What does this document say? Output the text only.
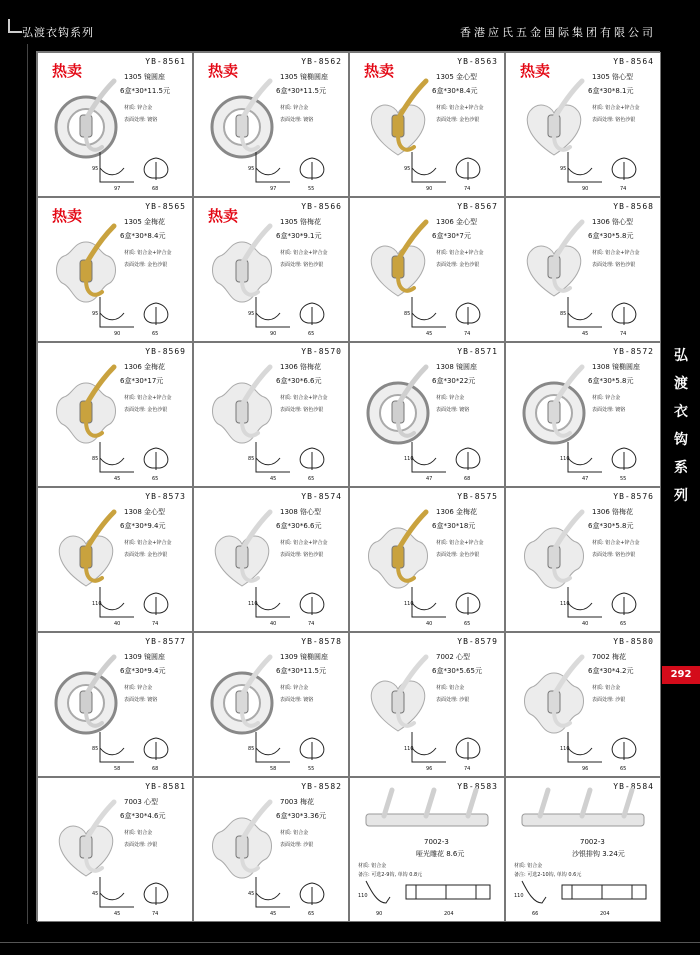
弘渡衣钩系列	香港应氏五金国际集团有限公司
YB-8561
热卖	1305 镜圆座
6盒*30*11.5元
材质: 锌合金
表面处理: 镀铬
95
97	68
YB-8562
热卖	1305 镜椭圆座
6盒*30*11.5元
材质: 锌合金
表面处理: 镀铬
95
97	55
YB-8563
热卖	1305 金心型
6盒*30*8.4元
材质: 铝合金+锌合金
表面处理: 金色沙银
95
90	74
YB-8564
热卖	1305 铬心型
6盒*30*8.1元
材质: 铝合金+锌合金
表面处理: 铬色沙银
95
90	74
YB-8565
热卖	1305 金梅花
6盒*30*8.4元
材质: 铝合金+锌合金
表面处理: 金色沙银
95
90	65
YB-8566
热卖	1305 铬梅花
6盒*30*9.1元
材质: 铝合金+锌合金
表面处理: 铬色沙银
95
90	65
YB-8567
1306 金心型
6盒*30*7元
材质: 铝合金+锌合金
表面处理: 金色沙银
85
45	74
YB-8568
1306 铬心型
6盒*30*5.8元
材质: 铝合金+锌合金
表面处理: 铬色沙银
85
45	74
YB-8569
1306 金梅花
6盒*30*17元
材质: 铝合金+锌合金
表面处理: 金色沙银
85
45	65
YB-8570
1306 铬梅花
6盒*30*6.6元
材质: 铝合金+锌合金
表面处理: 铬色沙银
85
45	65
YB-8571
1308 镜圆座
6盒*30*22元
材质: 锌合金
表面处理: 镀铬
110
47	68
YB-8572
1308 镜椭圆座
6盒*30*5.8元
材质: 锌合金
表面处理: 镀铬
110
47	55
YB-8573
1308 金心型
6盒*30*9.4元
材质: 铝合金+锌合金
表面处理: 金色沙银
110
40	74
YB-8574
1308 铬心型
6盒*30*6.6元
材质: 铝合金+锌合金
表面处理: 铬色沙银
110
40	74
YB-8575
1306 金梅花
6盒*30*18元
材质: 铝合金+锌合金
表面处理: 金色沙银
110
40	65
YB-8576
1306 铬梅花
6盒*30*5.8元
材质: 铝合金+锌合金
表面处理: 铬色沙银
110
40	65
YB-8577
1309 镜圆座
6盒*30*9.4元
材质: 锌合金
表面处理: 镀铬
85
58	68
YB-8578
1309 镜椭圆座
6盒*30*11.5元
材质: 锌合金
表面处理: 镀铬
85
58	55
YB-8579
7002 心型
6盒*30*5.65元
材质: 铝合金
表面处理: 沙银
110
96	74
YB-8580
7002 梅花
6盒*30*4.2元
材质: 铝合金
表面处理: 沙银
110
96	65
YB-8581
7003 心型
6盒*30*4.6元
材质: 铝合金
表面处理: 沙银
45
45	74
YB-8582
7003 梅花
6盒*30*3.36元
材质: 铝合金
表面处理: 沙银
45
45	65
YB-8583
7002-3
哑光雕花 8.6元
材质: 铝合金
备注: 可选2-9钩, 单钩 0.8元
110
90	204
YB-8584
7002-3
沙银排钩 3.24元
材质: 铝合金
备注: 可选2-10钩, 单钩 0.6元
110
66	204
弘
渡
衣
钩
系
列
292
